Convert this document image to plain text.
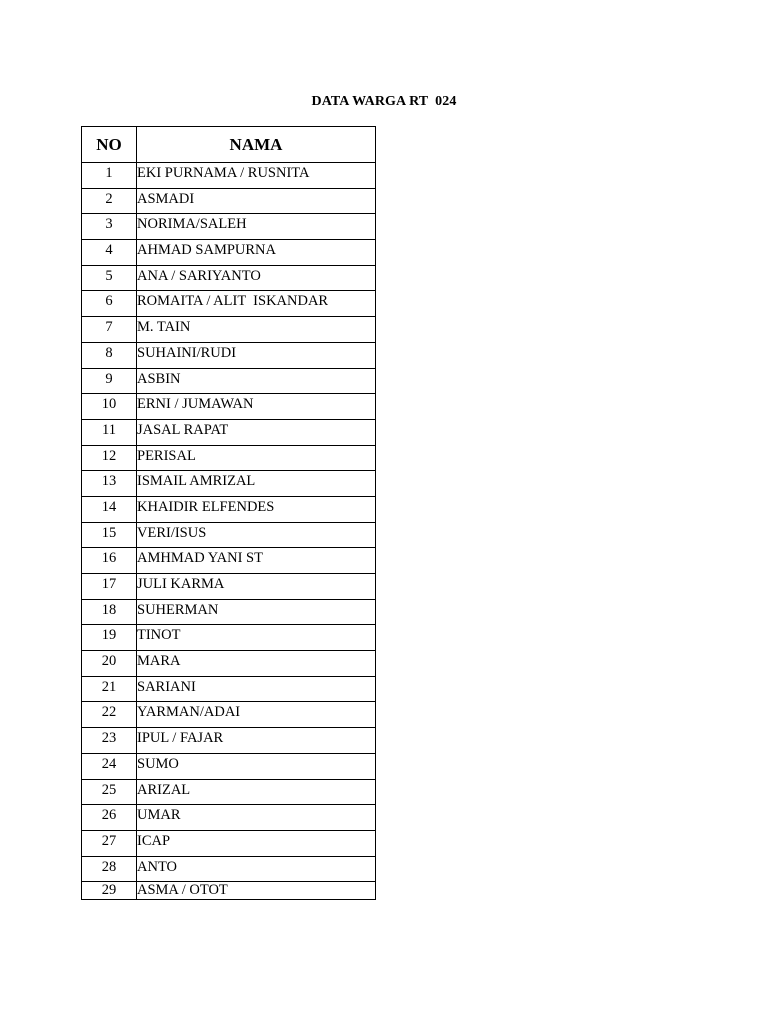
DATA WARGA RT  024
NO	NAMA
1	EKI PURNAMA / RUSNITA
2	ASMADI
3	NORIMA/SALEH
4	AHMAD SAMPURNA
5	ANA / SARIYANTO
6	ROMAITA / ALIT  ISKANDAR
7	M. TAIN
8	SUHAINI/RUDI
9	ASBIN
10	ERNI / JUMAWAN
11	JASAL RAPAT
12	PERISAL
13	ISMAIL AMRIZAL
14	KHAIDIR ELFENDES
15	VERI/ISUS
16	AMHMAD YANI ST
17	JULI KARMA
18	SUHERMAN
19	TINOT
20	MARA
21	SARIANI
22	YARMAN/ADAI
23	IPUL / FAJAR
24	SUMO
25	ARIZAL
26	UMAR
27	ICAP
28	ANTO
29	ASMA / OTOT
